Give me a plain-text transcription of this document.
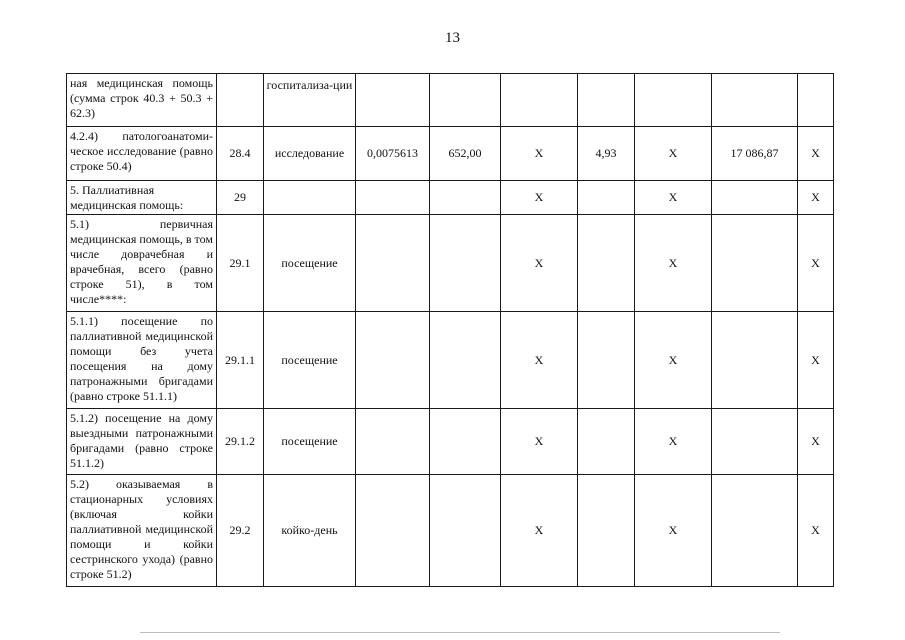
13
ная медицинская помощь (сумма строк 40.3 + 50.3 + 62.3)		госпитализа-ции							
4.2.4) патологоанатоми-ческое исследование (равно строке 50.4)	28.4	исследование	0,0075613	652,00	X	4,93	X	17 086,87	X
5. Паллиативная медицинская помощь:	29				X		X		X
5.1) первичная медицинская помощь, в том числе доврачебная и врачебная, всего (равно строке 51), в том числе****:	29.1	посещение			X		X		X
5.1.1) посещение по паллиативной медицинской помощи без учета посещения на дому патронажными бригадами (равно строке 51.1.1)	29.1.1	посещение			X		X		X
5.1.2) посещение на дому выездными патронажными бригадами (равно строке 51.1.2)	29.1.2	посещение			X		X		X
5.2) оказываемая в стационарных условиях (включая койки паллиативной медицинской помощи и койки сестринского ухода) (равно строке 51.2)	29.2	койко-день			X		X		X
